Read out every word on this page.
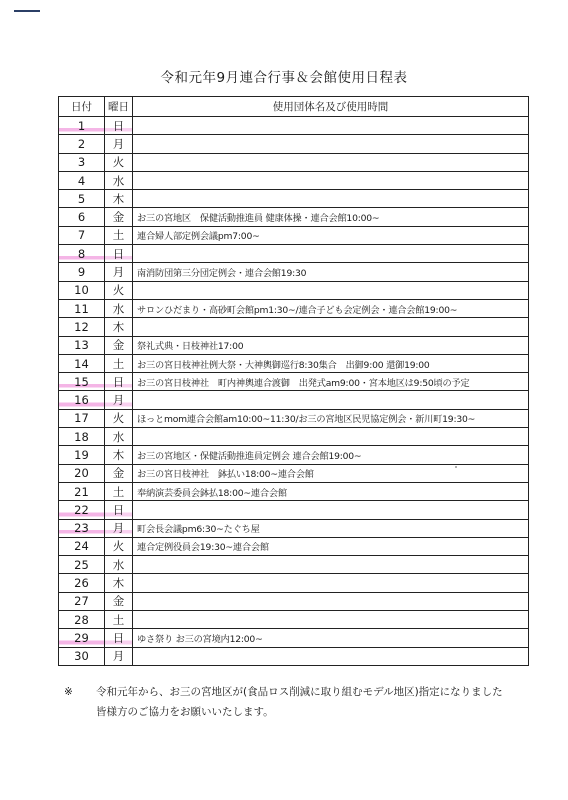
令和元年9月連合行事＆会館使用日程表
日付	曜日	使用団体名及び使用時間
1	日	
2	月	
3	火	
4	水	
5	木	
6	金	お三の宮地区　保健活動推進員 健康体操・連合会館10:00~
7	土	連合婦人部定例会議pm7:00~
8	日	
9	月	南消防団第三分団定例会・連合会館19:30
10	火	
11	水	サロンひだまり・高砂町会館pm1:30~/連合子ども会定例会・連合会館19:00~
12	木	
13	金	祭礼式典・日枝神社17:00
14	土	お三の宮日枝神社例大祭・大神輿御巡行8:30集合　出御9:00 還御19:00
15	日	お三の宮日枝神社　町内神輿連合渡御　出発式am9:00・宮本地区は9:50頃の予定
16	月	
17	火	ほっとmom連合会館am10:00~11:30/お三の宮地区民児協定例会・新川町19:30~
18	水	
19	木	お三の宮地区・保健活動推進員定例会 連合会館19:00~
20	金	お三の宮日枝神社　鉢払い18:00~連合会館
21	土	奉納演芸委員会鉢払18:00~連合会館
22	日	
23	月	町会長会議pm6:30~たぐち屋
24	火	連合定例役員会19:30~連合会館
25	水	
26	木	
27	金	
28	土	
29	日	ゆさ祭り お三の宮境内12:00~
30	月	
※ 令和元年から、お三の宮地区が(食品ロス削減に取り組むモデル地区)指定になりました
皆様方のご協力をお願いいたします。
